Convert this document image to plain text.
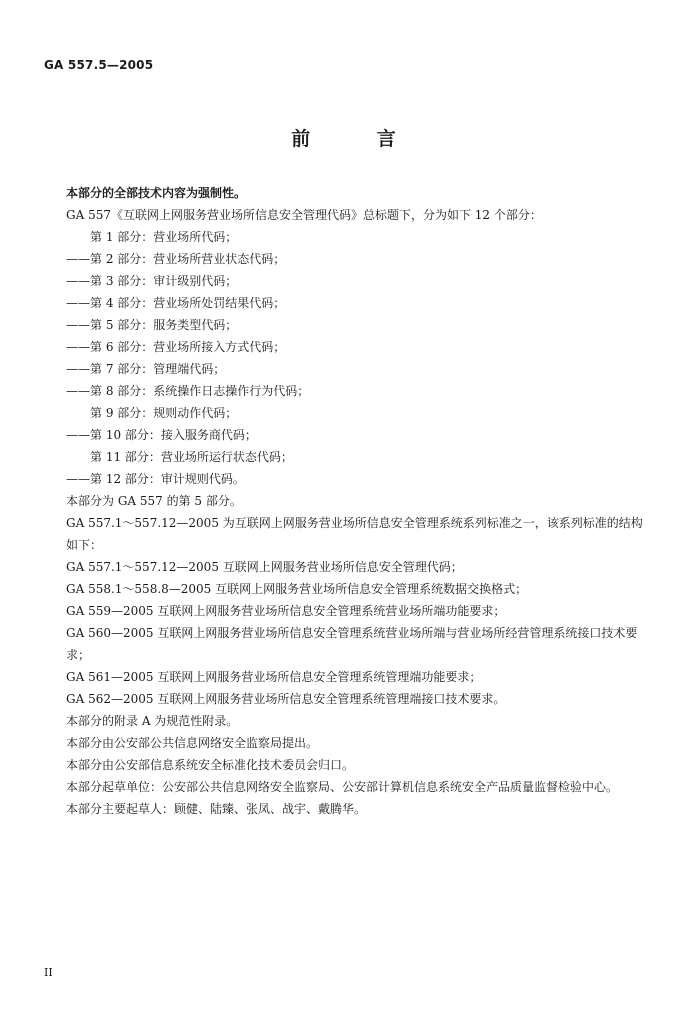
GA 557.5—2005
前 言
本部分的全部技术内容为强制性。
GA 557《互联网上网服务营业场所信息安全管理代码》总标题下，分为如下 12 个部分：
第 1 部分：营业场所代码；
——第 2 部分：营业场所营业状态代码；
——第 3 部分：审计级别代码；
——第 4 部分：营业场所处罚结果代码；
——第 5 部分：服务类型代码；
——第 6 部分：营业场所接入方式代码；
——第 7 部分：管理端代码；
——第 8 部分：系统操作日志操作行为代码；
第 9 部分：规则动作代码；
——第 10 部分：接入服务商代码；
第 11 部分：营业场所运行状态代码；
——第 12 部分：审计规则代码。
本部分为 GA 557 的第 5 部分。
GA 557.1～557.12—2005 为互联网上网服务营业场所信息安全管理系统系列标准之一，该系列标准的结构如下：
GA 557.1～557.12—2005 互联网上网服务营业场所信息安全管理代码；
GA 558.1～558.8—2005 互联网上网服务营业场所信息安全管理系统数据交换格式；
GA 559—2005 互联网上网服务营业场所信息安全管理系统营业场所端功能要求；
GA 560—2005 互联网上网服务营业场所信息安全管理系统营业场所端与营业场所经营管理系统接口技术要求；
GA 561—2005 互联网上网服务营业场所信息安全管理系统管理端功能要求；
GA 562—2005 互联网上网服务营业场所信息安全管理系统管理端接口技术要求。
本部分的附录 A 为规范性附录。
本部分由公安部公共信息网络安全监察局提出。
本部分由公安部信息系统安全标准化技术委员会归口。
本部分起草单位：公安部公共信息网络安全监察局、公安部计算机信息系统安全产品质量监督检验中心。
本部分主要起草人：顾健、陆臻、张凤、战宇、戴腾华。
II
